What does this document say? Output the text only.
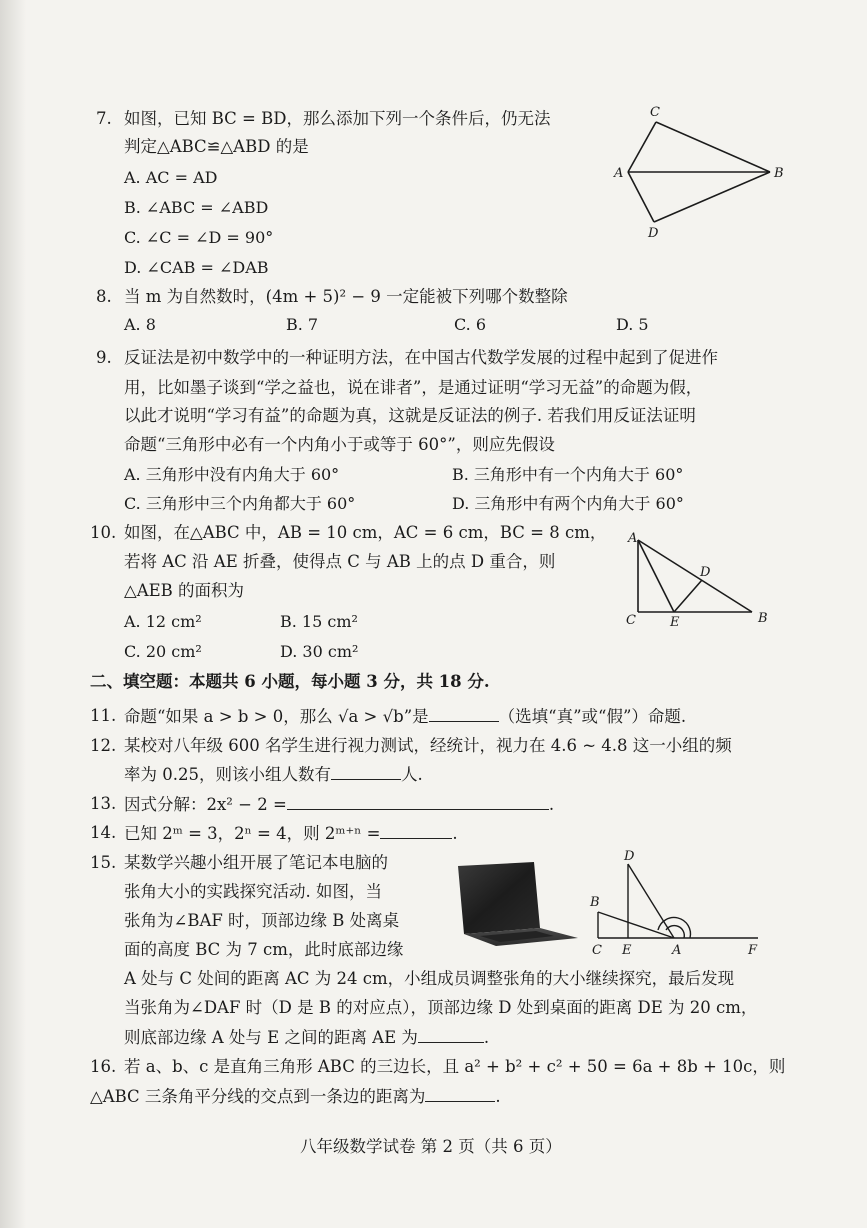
7. 如图，已知 BC = BD，那么添加下列一个条件后，仍无法
判定△ABC≌△ABD 的是
A. AC = AD
B. ∠ABC = ∠ABD
C. ∠C = ∠D = 90°
D. ∠CAB = ∠DAB
C
A	B
D
8. 当 m 为自然数时，(4m + 5)² − 9 一定能被下列哪个数整除
A. 8	B. 7	C. 6	D. 5
9. 反证法是初中数学中的一种证明方法，在中国古代数学发展的过程中起到了促进作
用，比如墨子谈到“学之益也，说在诽者”，是通过证明“学习无益”的命题为假，
以此才说明“学习有益”的命题为真，这就是反证法的例子. 若我们用反证法证明
命题“三角形中必有一个内角小于或等于 60°”，则应先假设
A. 三角形中没有内角大于 60°	B. 三角形中有一个内角大于 60°
C. 三角形中三个内角都大于 60°	D. 三角形中有两个内角大于 60°
10. 如图，在△ABC 中，AB = 10 cm，AC = 6 cm，BC = 8 cm，
若将 AC 沿 AE 折叠，使得点 C 与 AB 上的点 D 重合，则
△AEB 的面积为
A. 12 cm²	B. 15 cm²
C. 20 cm²	D. 30 cm²
A
D
C	E	B
二、填空题：本题共 6 小题，每小题 3 分，共 18 分.
11. 命题“如果 a > b > 0，那么 √a > √b”是	（选填“真”或“假”）命题.
12. 某校对八年级 600 名学生进行视力测试，经统计，视力在 4.6 ~ 4.8 这一小组的频
率为 0.25，则该小组人数有	人.
13. 因式分解：2x² − 2 =	.
14. 已知 2ᵐ = 3，2ⁿ = 4，则 2ᵐ⁺ⁿ =	.
15. 某数学兴趣小组开展了笔记本电脑的
张角大小的实践探究活动. 如图，当
张角为∠BAF 时，顶部边缘 B 处离桌
面的高度 BC 为 7 cm，此时底部边缘
A 处与 C 处间的距离 AC 为 24 cm，小组成员调整张角的大小继续探究，最后发现
当张角为∠DAF 时（D 是 B 的对应点），顶部边缘 D 处到桌面的距离 DE 为 20 cm，
则底部边缘 A 处与 E 之间的距离 AE 为	.
D
B
C E	A	F
16. 若 a、b、c 是直角三角形 ABC 的三边长，且 a² + b² + c² + 50 = 6a + 8b + 10c，则
△ABC 三条角平分线的交点到一条边的距离为	.
八年级数学试卷 第 2 页（共 6 页）
